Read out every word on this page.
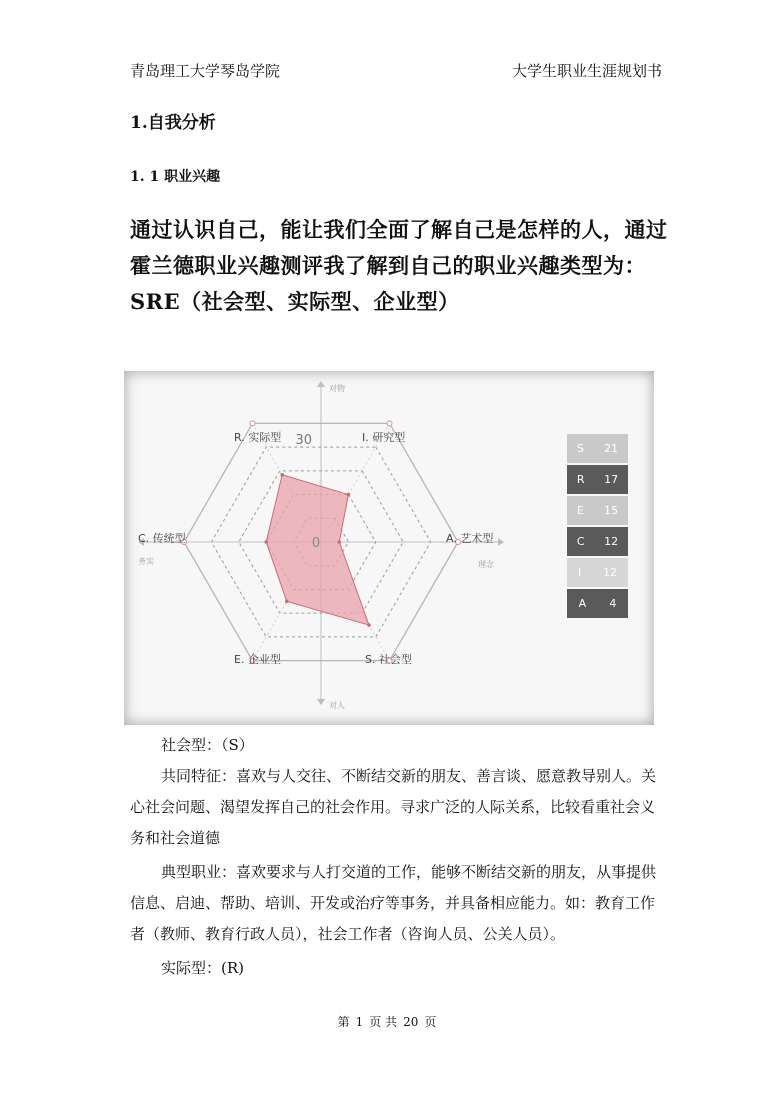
青岛理工大学琴岛学院	大学生职业生涯规划书
1.自我分析
1. 1 职业兴趣
通过认识自己，能让我们全面了解自己是怎样的人，通过霍兰德职业兴趣测评我了解到自己的职业兴趣类型为：SRE（社会型、实际型、企业型）
I. 研究型
A. 艺术型
S. 社会型
E. 企业型
C. 传统型
R. 实际型 30
0
对物
对人
务实	理念
S 21
R 17
E 15
C 12
I 12
A 4
社会型：（S）
共同特征：喜欢与人交往、不断结交新的朋友、善言谈、愿意教导别人。关心社会问题、渴望发挥自己的社会作用。寻求广泛的人际关系，比较看重社会义务和社会道德
典型职业：喜欢要求与人打交道的工作，能够不断结交新的朋友，从事提供信息、启迪、帮助、培训、开发或治疗等事务，并具备相应能力。如：教育工作者（教师、教育行政人员），社会工作者（咨询人员、公关人员）。
实际型：(R)
第 1 页 共 20 页
